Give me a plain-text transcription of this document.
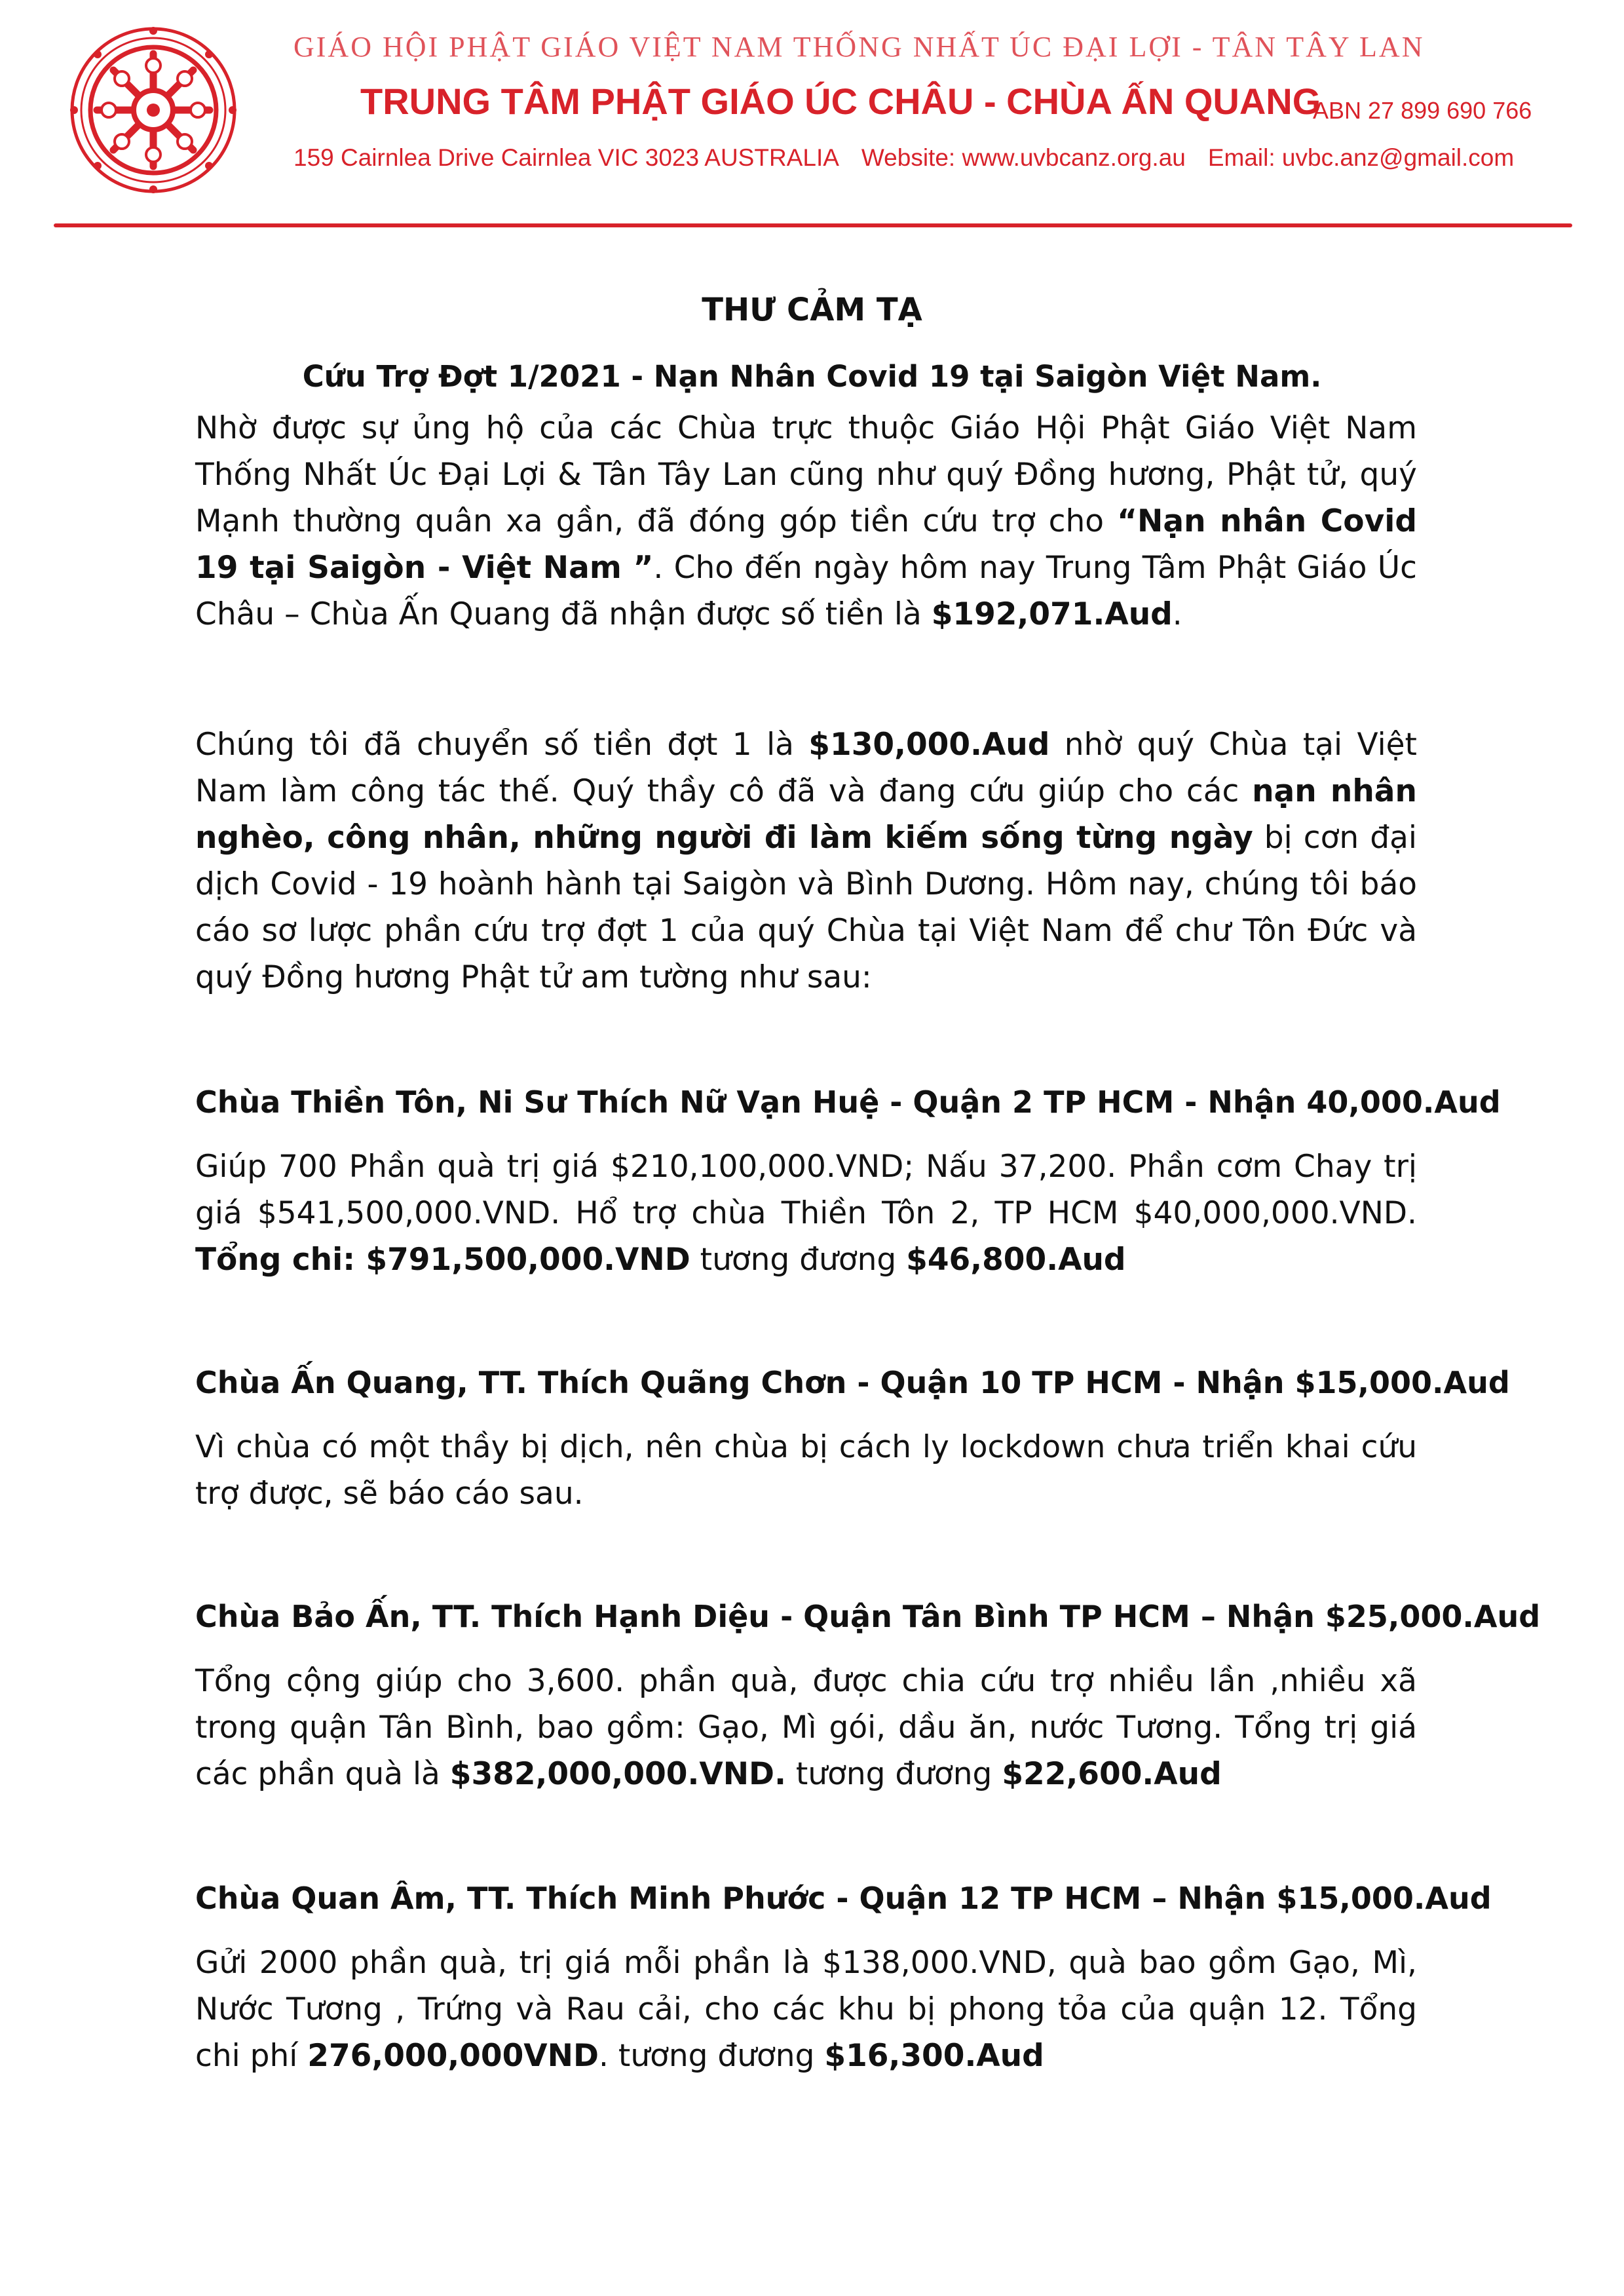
GIÁO HỘI PHẬT GIÁO VIỆT NAM THỐNG NHẤT ÚC ĐẠI LỢI - TÂN TÂY LAN
TRUNG TÂM PHẬT GIÁO ÚC CHÂU - CHÙA ẤN QUANG
ABN 27 899 690 766
159 Cairnlea Drive Cairnlea VIC 3023 AUSTRALIA Website: www.uvbcanz.org.au Email: uvbc.anz@gmail.com
THƯ CẢM TẠ
Cứu Trợ Đợt 1/2021 - Nạn Nhân Covid 19 tại Saigòn Việt Nam.

Nhờ được sự ủng hộ của các Chùa trực thuộc Giáo Hội Phật Giáo Việt Nam Thống Nhất Úc Đại Lợi & Tân Tây Lan cũng như quý Đồng hương, Phật tử, quý Mạnh thường quân xa gần, đã đóng góp tiền cứu trợ cho “Nạn nhân Covid 19 tại Saigòn - Việt Nam ”. Cho đến ngày hôm nay Trung Tâm Phật Giáo Úc Châu – Chùa Ấn Quang đã nhận được số tiền là $192,071.Aud.

Chúng tôi đã chuyển số tiền đợt 1 là $130,000.Aud nhờ quý Chùa tại Việt Nam làm công tác thế. Quý thầy cô đã và đang cứu giúp cho các nạn nhân nghèo, công nhân, những người đi làm kiếm sống từng ngày bị cơn đại dịch Covid - 19 hoành hành tại Saigòn và Bình Dương. Hôm nay, chúng tôi báo cáo sơ lược phần cứu trợ đợt 1 của quý Chùa tại Việt Nam để chư Tôn Đức và quý Đồng hương Phật tử am tường như sau:

Chùa Thiền Tôn, Ni Sư Thích Nữ Vạn Huệ - Quận 2 TP HCM - Nhận 40,000.Aud

Giúp 700 Phần quà trị giá $210,100,000.VND; Nấu 37,200. Phần cơm Chay trị giá $541,500,000.VND. Hổ trợ chùa Thiền Tôn 2, TP HCM $40,000,000.VND. Tổng chi: $791,500,000.VND tương đương $46,800.Aud

Chùa Ấn Quang, TT. Thích Quãng Chơn - Quận 10 TP HCM - Nhận $15,000.Aud

Vì chùa có một thầy bị dịch, nên chùa bị cách ly lockdown chưa triển khai cứu trợ được, sẽ báo cáo sau.

Chùa Bảo Ấn, TT. Thích Hạnh Diệu - Quận Tân Bình TP HCM – Nhận $25,000.Aud

Tổng cộng giúp cho 3,600. phần quà, được chia cứu trợ nhiều lần ,nhiều xã trong quận Tân Bình, bao gồm: Gạo, Mì gói, dầu ăn, nước Tương. Tổng trị giá các phần quà là $382,000,000.VND. tương đương $22,600.Aud

Chùa Quan Âm, TT. Thích Minh Phước - Quận 12 TP HCM – Nhận $15,000.Aud

Gửi 2000 phần quà, trị giá mỗi phần là $138,000.VND, quà bao gồm Gạo, Mì, Nước Tương , Trứng và Rau cải, cho các khu bị phong tỏa của quận 12. Tổng chi phí 276,000,000VND. tương đương $16,300.Aud
